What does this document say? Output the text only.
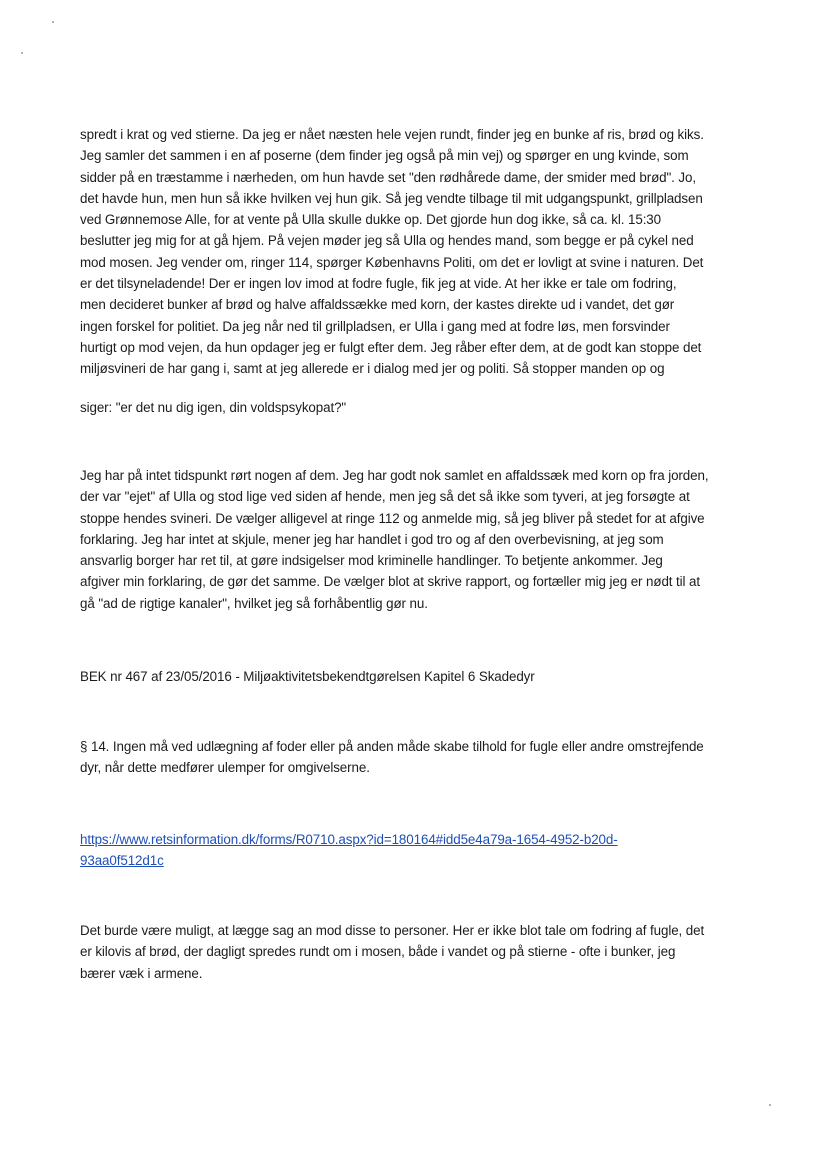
spredt i krat og ved stierne. Da jeg er nået næsten hele vejen rundt, finder jeg en bunke af ris, brød og kiks.
Jeg samler det sammen i en af poserne (dem finder jeg også på min vej) og spørger en ung kvinde, som
sidder på en træstamme i nærheden, om hun havde set "den rødhårede dame, der smider med brød". Jo,
det havde hun, men hun så ikke hvilken vej hun gik. Så jeg vendte tilbage til mit udgangspunkt, grillpladsen
ved Grønnemose Alle, for at vente på Ulla skulle dukke op. Det gjorde hun dog ikke, så ca. kl. 15:30
beslutter jeg mig for at gå hjem. På vejen møder jeg så Ulla og hendes mand, som begge er på cykel ned
mod mosen. Jeg vender om, ringer 114, spørger Københavns Politi, om det er lovligt at svine i naturen. Det
er det tilsyneladende! Der er ingen lov imod at fodre fugle, fik jeg at vide. At her ikke er tale om fodring,
men decideret bunker af brød og halve affaldssække med korn, der kastes direkte ud i vandet, det gør
ingen forskel for politiet. Da jeg når ned til grillpladsen, er Ulla i gang med at fodre løs, men forsvinder
hurtigt op mod vejen, da hun opdager jeg er fulgt efter dem. Jeg råber efter dem, at de godt kan stoppe det
miljøsvineri de har gang i, samt at jeg allerede er i dialog med jer og politi. Så stopper manden op og

siger: "er det nu dig igen, din voldspsykopat?"

Jeg har på intet tidspunkt rørt nogen af dem. Jeg har godt nok samlet en affaldssæk med korn op fra jorden,
der var "ejet" af Ulla og stod lige ved siden af hende, men jeg så det så ikke som tyveri, at jeg forsøgte at
stoppe hendes svineri. De vælger alligevel at ringe 112 og anmelde mig, så jeg bliver på stedet for at afgive
forklaring. Jeg har intet at skjule, mener jeg har handlet i god tro og af den overbevisning, at jeg som
ansvarlig borger har ret til, at gøre indsigelser mod kriminelle handlinger. To betjente ankommer. Jeg
afgiver min forklaring, de gør det samme. De vælger blot at skrive rapport, og fortæller mig jeg er nødt til at
gå "ad de rigtige kanaler", hvilket jeg så forhåbentlig gør nu.

BEK nr 467 af 23/05/2016 - Miljøaktivitetsbekendtgørelsen Kapitel 6 Skadedyr

§ 14. Ingen må ved udlægning af foder eller på anden måde skabe tilhold for fugle eller andre omstrejfende
dyr, når dette medfører ulemper for omgivelserne.

https://www.retsinformation.dk/forms/R0710.aspx?id=180164#idd5e4a79a-1654-4952-b20d-
93aa0f512d1c

Det burde være muligt, at lægge sag an mod disse to personer. Her er ikke blot tale om fodring af fugle, det
er kilovis af brød, der dagligt spredes rundt om i mosen, både i vandet og på stierne - ofte i bunker, jeg
bærer væk i armene.
